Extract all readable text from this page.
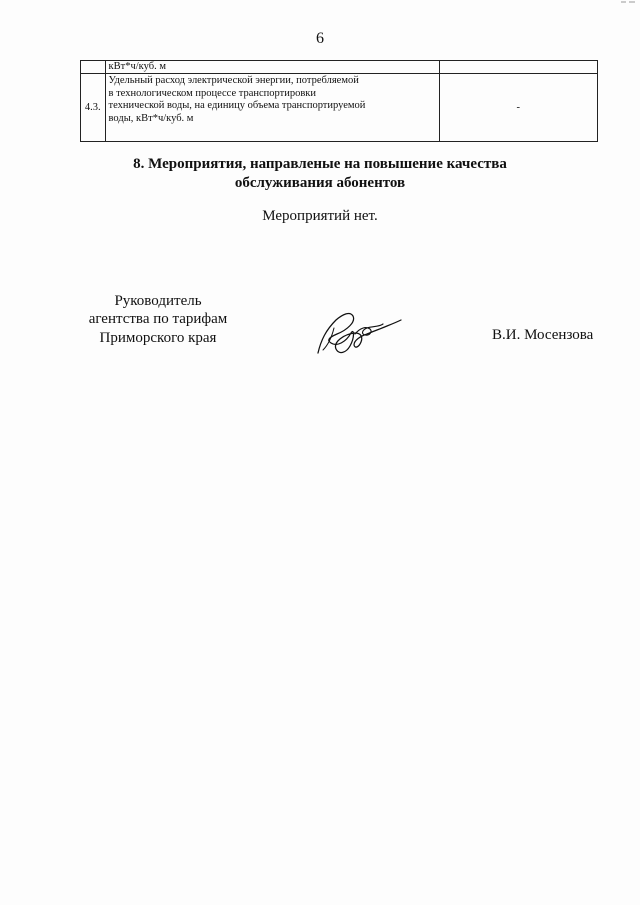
6
	кВт*ч/куб. м	
4.3.	Удельный расход электрической энергии, потребляемой
в технологическом процессе транспортировки
технической воды, на единицу объема транспортируемой
воды, кВт*ч/куб. м	-
8. Мероприятия, направленые на повышение качества
обслуживания абонентов
Мероприятий нет.
Руководитель
агентства по тарифам
Приморского края	В.И. Мосензова
